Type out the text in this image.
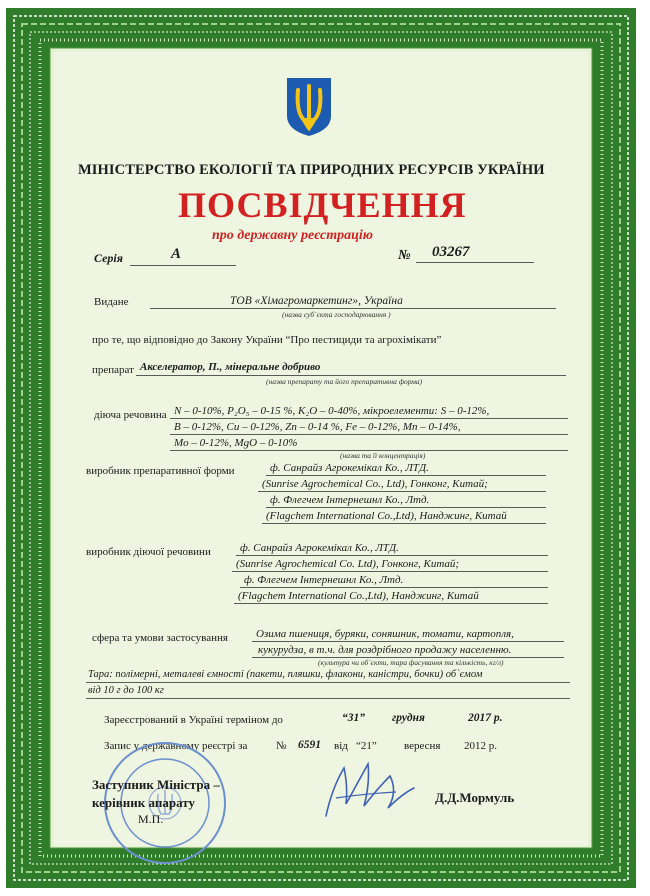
МІНІСТЕРСТВО ЕКОЛОГІЇ ТА ПРИРОДНИХ РЕСУРСІВ УКРАЇНИ
ПОСВІДЧЕННЯ
про державну реєстрацію
Серія	А	№ 03267
Видане	ТОВ «Хімагромаркетинг», Україна
(назва суб`єкта господарювання )
про те, що відповідно до Закону України “Про пестициди та агрохімікати”
препарат Акселератор, П., мінеральне добриво
(назва препарату та його препаративна форма)
діюча речовина N – 0-10%, P₂O₅ – 0-15 %, K₂O – 0-40%, мікроелементи: S – 0-12%,
B – 0-12%, Cu – 0-12%, Zn – 0-14 %, Fe – 0-12%, Mn – 0-14%,
Mo – 0-12%, MgO – 0-10%
(назва та її концентрація)
виробник препаративної форми	ф. Санрайз Агрокемікал Ко., ЛТД.
(Sunrise Agrochemical Co., Ltd), Гонконг, Китай;
ф. Флегчем Інтернешнл Ко., Лтд.
(Flagchem International Co.,Ltd), Нанджинг, Китай
виробник діючої речовини	ф. Санрайз Агрокемікал Ко., ЛТД.
(Sunrise Agrochemical Co. Ltd), Гонконг, Китай;
ф. Флегчем Інтернешнл Ко., Лтд.
(Flagchem International Co.,Ltd), Нанджинг, Китай
сфера та умови застосування	Озима пшениця, буряки, соняшник, томати, картопля,
кукурудза, в т.ч. для роздрібного продажу населенню.
(культура чи об`єкти, тара фасування та кількість, кг/л)
Тара: полімерні, металеві ємності (пакети, пляшки, флакони, каністри, бочки) об`ємом
від 10 г до 100 кг
Зареєстрований в Україні терміном до	“31” грудня	2017 р.
Запис у державному реєстрі за	№ 6591 від “21” вересня 2012 р.
Заступник Міністра –
керівник апарату
М.П.
Д.Д.Мормуль
